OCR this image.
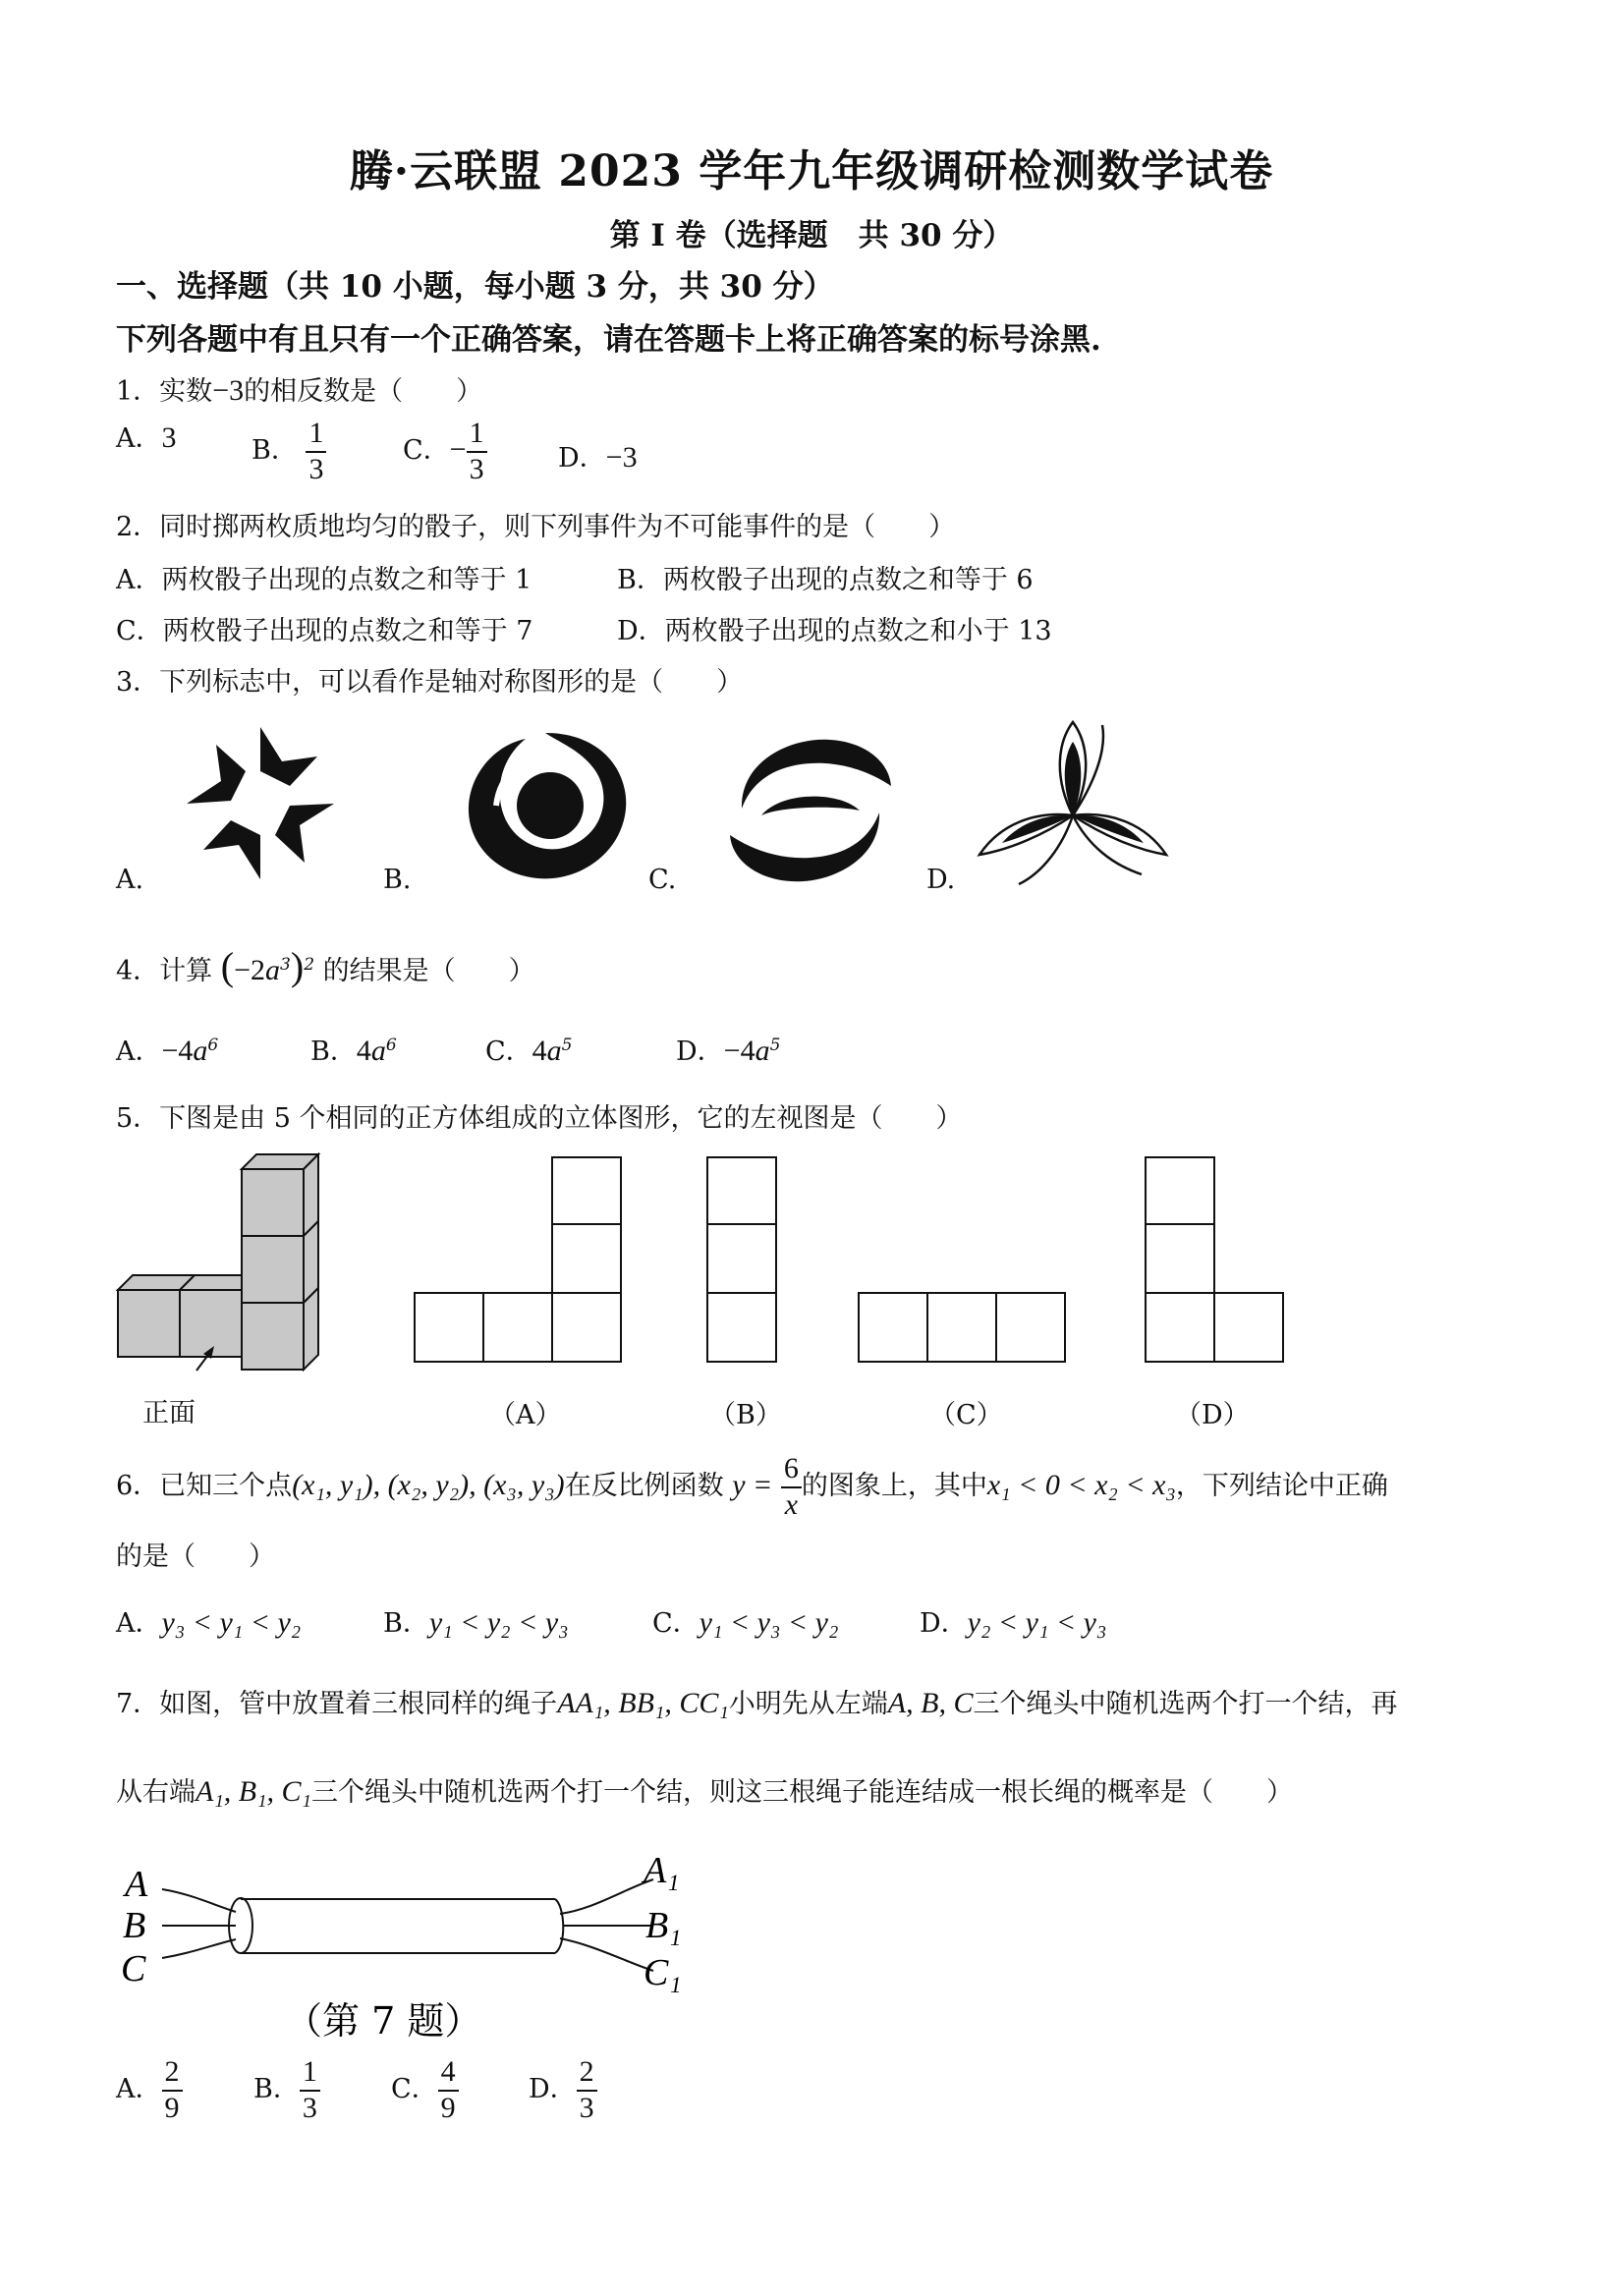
腾·云联盟 2023 学年九年级调研检测数学试卷
第 I 卷（选择题　共 30 分）
一、选择题（共 10 小题，每小题 3 分，共 30 分）
下列各题中有且只有一个正确答案，请在答题卡上将正确答案的标号涂黑.
1．实数−3的相反数是（　　）
A．3	B． $\frac{1}{3}$	C．− $\frac{1}{3}$	D．−3
2．同时掷两枚质地均匀的骰子，则下列事件为不可能事件的是（　　）
A．两枚骰子出现的点数之和等于 1	B．两枚骰子出现的点数之和等于 6
C．两枚骰子出现的点数之和等于 7	D．两枚骰子出现的点数之和小于 13
3．下列标志中，可以看作是轴对称图形的是（　　）
A.	B.	C.	D.
4．计算 $(-2a^3)^2$ 的结果是（　　）
A．$-4a^6$	B．$4a^6$	C．$4a^5$	D．$-4a^5$
5．下图是由 5 个相同的正方体组成的立体图形，它的左视图是（　　）
正面	（A）	（B）	（C）	（D）
6．已知三个点(x₁, y₁), (x₂, y₂), (x₃, y₃)在反比例函数 $y = \frac{6}{x}$ 的图象上，其中x₁ < 0 < x₂ < x₃，下列结论中正确
的是（　　）
A．y₃ < y₁ < y₂	B．y₁ < y₂ < y₃	C．y₁ < y₃ < y₂	D．y₂ < y₁ < y₃
7．如图，管中放置着三根同样的绳子AA₁, BB₁, CC₁小明先从左端A, B, C三个绳头中随机选两个打一个结，再
从右端A₁, B₁, C₁三个绳头中随机选两个打一个结，则这三根绳子能连结成一根长绳的概率是（　　）
A
B
C
A₁
B₁
C₁
（第 7 题）
A． $\frac{2}{9}$	B． $\frac{1}{3}$	C． $\frac{4}{9}$	D． $\frac{2}{3}$
